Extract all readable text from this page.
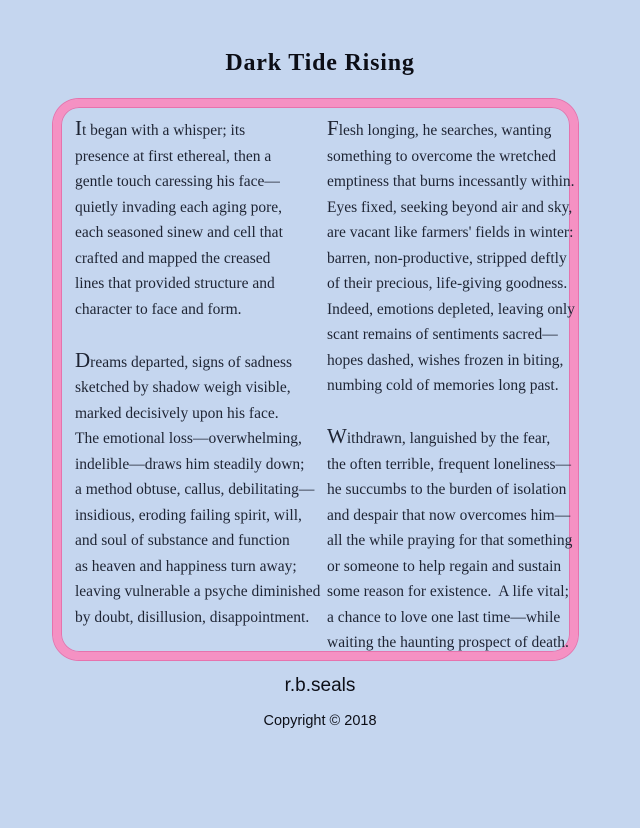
Dark Tide Rising
It began with a whisper; its
presence at first ethereal, then a
gentle touch caressing his face—
quietly invading each aging pore,
each seasoned sinew and cell that
crafted and mapped the creased
lines that provided structure and
character to face and form.
Dreams departed, signs of sadness
sketched by shadow weigh visible,
marked decisively upon his face.
The emotional loss—overwhelming,
indelible—draws him steadily down;
a method obtuse, callus, debilitating—
insidious, eroding failing spirit, will,
and soul of substance and function
as heaven and happiness turn away;
leaving vulnerable a psyche diminished
by doubt, disillusion, disappointment.
Flesh longing, he searches, wanting
something to overcome the wretched
emptiness that burns incessantly within.
Eyes fixed, seeking beyond air and sky,
are vacant like farmers' fields in winter:
barren, non-productive, stripped deftly
of their precious, life-giving goodness.
Indeed, emotions depleted, leaving only
scant remains of sentiments sacred—
hopes dashed, wishes frozen in biting,
numbing cold of memories long past.
Withdrawn, languished by the fear,
the often terrible, frequent loneliness—
he succumbs to the burden of isolation
and despair that now overcomes him—
all the while praying for that something
or someone to help regain and sustain
some reason for existence.  A life vital;
a chance to love one last time—while
waiting the haunting prospect of death.
r.b.seals
Copyright © 2018
